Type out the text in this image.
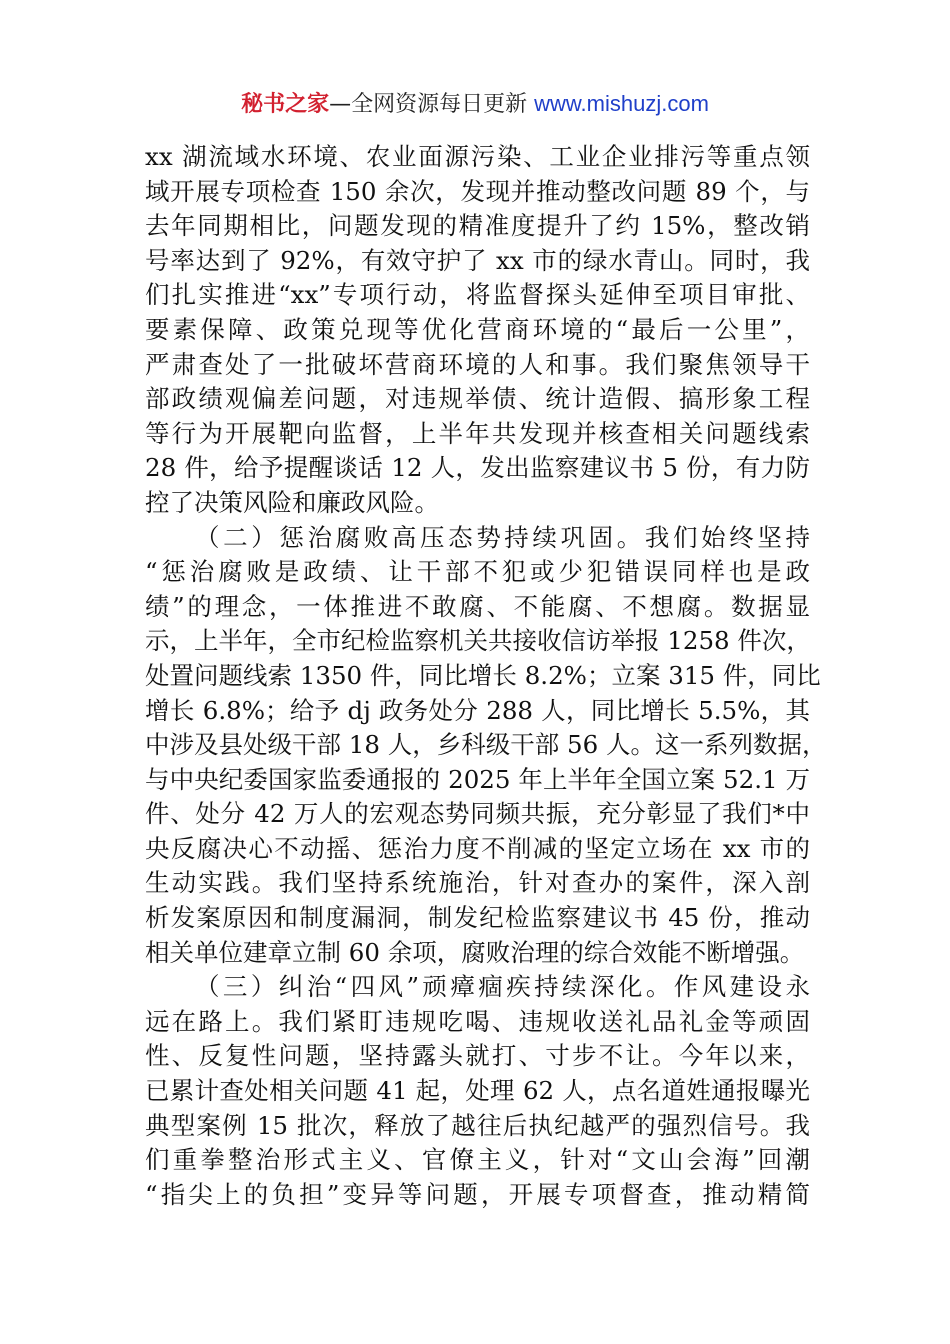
秘书之家—全网资源每日更新 www.mishuzj.com
xx 湖流域水环境、农业面源污染、工业企业排污等重点领
域开展专项检查 150 余次，发现并推动整改问题 89 个，与
去年同期相比，问题发现的精准度提升了约 15%，整改销
号率达到了 92%，有效守护了 xx 市的绿水青山。同时，我
们扎实推进“xx”专项行动，将监督探头延伸至项目审批、
要素保障、政策兑现等优化营商环境的“最后一公里”，
严肃查处了一批破坏营商环境的人和事。我们聚焦领导干
部政绩观偏差问题，对违规举债、统计造假、搞形象工程
等行为开展靶向监督，上半年共发现并核查相关问题线索
28 件，给予提醒谈话 12 人，发出监察建议书 5 份，有力防
控了决策风险和廉政风险。
（二）惩治腐败高压态势持续巩固。我们始终坚持
“惩治腐败是政绩、让干部不犯或少犯错误同样也是政
绩”的理念，一体推进不敢腐、不能腐、不想腐。数据显
示，上半年，全市纪检监察机关共接收信访举报 1258 件次，
处置问题线索 1350 件，同比增长 8.2%；立案 315 件，同比
增长 6.8%；给予 dj 政务处分 288 人，同比增长 5.5%，其
中涉及县处级干部 18 人，乡科级干部 56 人。这一系列数据，
与中央纪委国家监委通报的 2025 年上半年全国立案 52.1 万
件、处分 42 万人的宏观态势同频共振，充分彰显了我们*中
央反腐决心不动摇、惩治力度不削减的坚定立场在 xx 市的
生动实践。我们坚持系统施治，针对查办的案件，深入剖
析发案原因和制度漏洞，制发纪检监察建议书 45 份，推动
相关单位建章立制 60 余项，腐败治理的综合效能不断增强。
（三）纠治“四风”顽瘴痼疾持续深化。作风建设永
远在路上。我们紧盯违规吃喝、违规收送礼品礼金等顽固
性、反复性问题，坚持露头就打、寸步不让。今年以来，
已累计查处相关问题 41 起，处理 62 人，点名道姓通报曝光
典型案例 15 批次，释放了越往后执纪越严的强烈信号。我
们重拳整治形式主义、官僚主义，针对“文山会海”回潮
“指尖上的负担”变异等问题，开展专项督查，推动精简
